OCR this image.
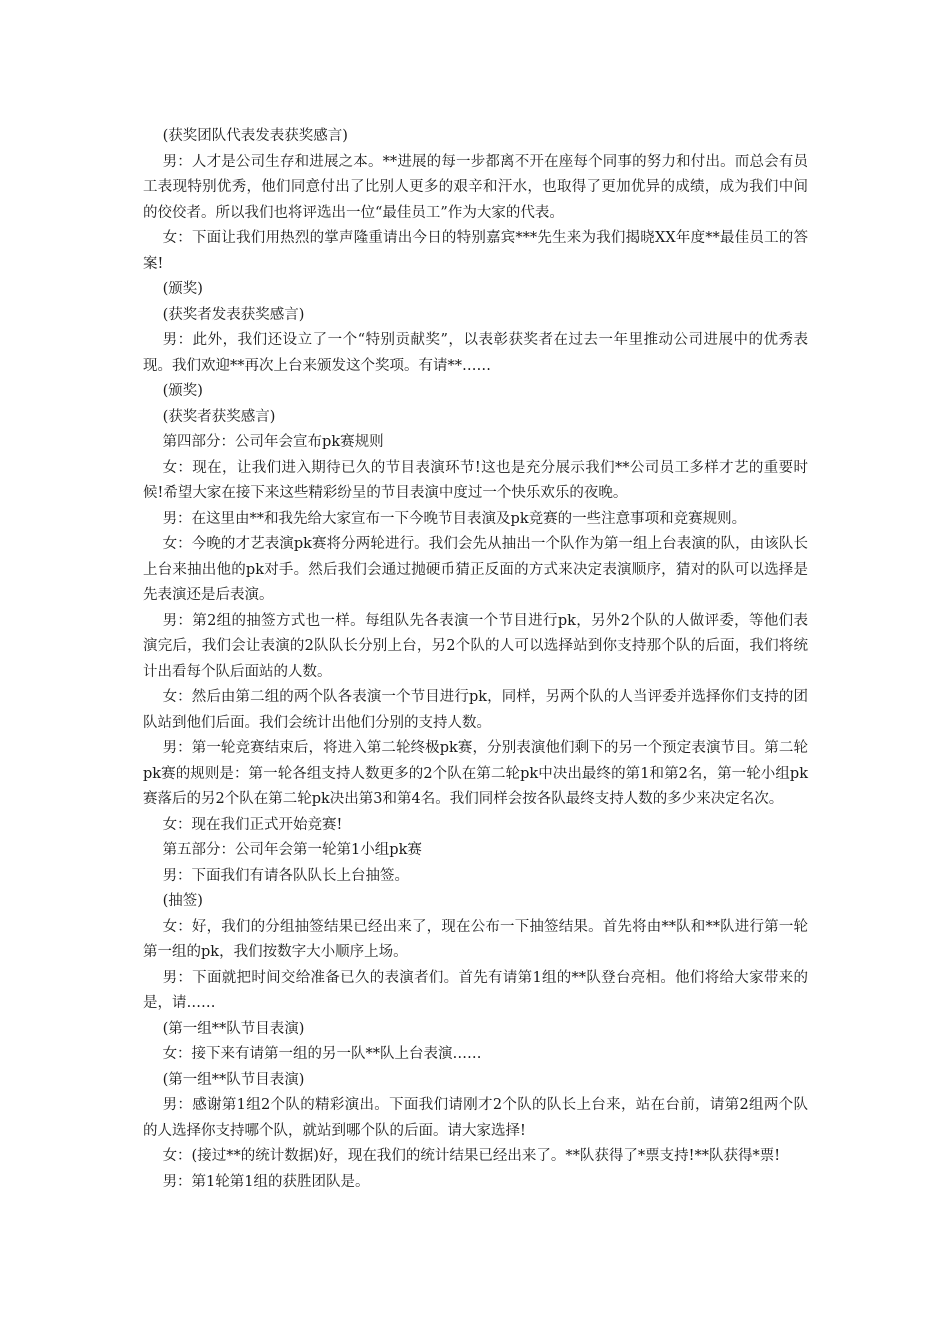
(获奖团队代表发表获奖感言)

男：人才是公司生存和进展之本。**进展的每一步都离不开在座每个同事的努力和付出。而总会有员工表现特别优秀，他们同意付出了比别人更多的艰辛和汗水，也取得了更加优异的成绩，成为我们中间的佼佼者。所以我们也将评选出一位“最佳员工”作为大家的代表。

女：下面让我们用热烈的掌声隆重请出今日的特别嘉宾***先生来为我们揭晓XX年度**最佳员工的答案!

(颁奖)

(获奖者发表获奖感言)

男：此外，我们还设立了一个“特别贡献奖”，以表彰获奖者在过去一年里推动公司进展中的优秀表现。我们欢迎**再次上台来颁发这个奖项。有请**……

(颁奖)

(获奖者获奖感言)

第四部分：公司年会宣布pk赛规则

女：现在，让我们进入期待已久的节目表演环节!这也是充分展示我们**公司员工多样才艺的重要时候!希望大家在接下来这些精彩纷呈的节目表演中度过一个快乐欢乐的夜晚。

男：在这里由**和我先给大家宣布一下今晚节目表演及pk竞赛的一些注意事项和竞赛规则。

女：今晚的才艺表演pk赛将分两轮进行。我们会先从抽出一个队作为第一组上台表演的队，由该队长上台来抽出他的pk对手。然后我们会通过抛硬币猜正反面的方式来决定表演顺序，猜对的队可以选择是先表演还是后表演。

男：第2组的抽签方式也一样。每组队先各表演一个节目进行pk，另外2个队的人做评委，等他们表演完后，我们会让表演的2队队长分别上台，另2个队的人可以选择站到你支持那个队的后面，我们将统计出看每个队后面站的人数。

女：然后由第二组的两个队各表演一个节目进行pk，同样，另两个队的人当评委并选择你们支持的团队站到他们后面。我们会统计出他们分别的支持人数。

男：第一轮竞赛结束后，将进入第二轮终极pk赛，分别表演他们剩下的另一个预定表演节目。第二轮pk赛的规则是：第一轮各组支持人数更多的2个队在第二轮pk中决出最终的第1和第2名，第一轮小组pk赛落后的另2个队在第二轮pk决出第3和第4名。我们同样会按各队最终支持人数的多少来决定名次。

女：现在我们正式开始竞赛!

第五部分：公司年会第一轮第1小组pk赛

男：下面我们有请各队队长上台抽签。

(抽签)

女：好，我们的分组抽签结果已经出来了，现在公布一下抽签结果。首先将由**队和**队进行第一轮第一组的pk，我们按数字大小顺序上场。

男：下面就把时间交给准备已久的表演者们。首先有请第1组的**队登台亮相。他们将给大家带来的是，请……

(第一组**队节目表演)

女：接下来有请第一组的另一队**队上台表演……

(第一组**队节目表演)

男：感谢第1组2个队的精彩演出。下面我们请刚才2个队的队长上台来，站在台前，请第2组两个队的人选择你支持哪个队，就站到哪个队的后面。请大家选择!

女：(接过**的统计数据)好，现在我们的统计结果已经出来了。**队获得了*票支持!**队获得*票!

男：第1轮第1组的获胜团队是。
